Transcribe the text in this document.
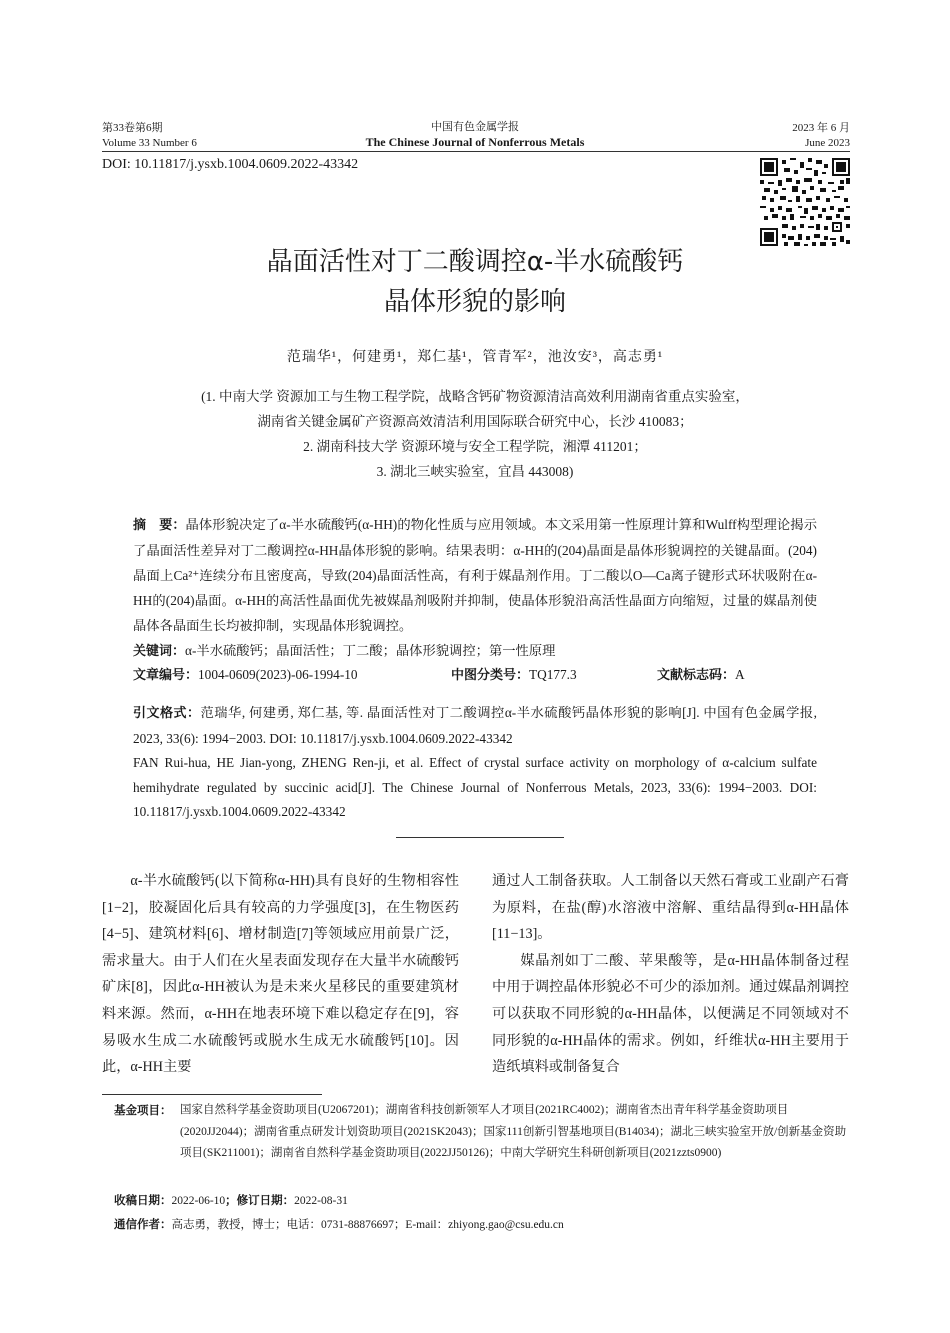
第33卷第6期
Volume 33 Number 6
中国有色金属学报
The Chinese Journal of Nonferrous Metals
2023 年 6 月
June 2023
DOI: 10.11817/j.ysxb.1004.0609.2022-43342
晶面活性对丁二酸调控α-半水硫酸钙
晶体形貌的影响
范瑞华¹，何建勇¹，郑仁基¹，管青军²，池汝安³，高志勇¹
(1. 中南大学 资源加工与生物工程学院，战略含钙矿物资源清洁高效利用湖南省重点实验室，
湖南省关键金属矿产资源高效清洁利用国际联合研究中心，长沙 410083；
2. 湖南科技大学 资源环境与安全工程学院，湘潭 411201；
3. 湖北三峡实验室，宜昌 443008)
摘　要：晶体形貌决定了α-半水硫酸钙(α-HH)的物化性质与应用领域。本文采用第一性原理计算和Wulff构型理论揭示了晶面活性差异对丁二酸调控α-HH晶体形貌的影响。结果表明：α-HH的(204)晶面是晶体形貌调控的关键晶面。(204)晶面上Ca²⁺连续分布且密度高，导致(204)晶面活性高，有利于媒晶剂作用。丁二酸以O—Ca离子键形式环状吸附在α-HH的(204)晶面。α-HH的高活性晶面优先被媒晶剂吸附并抑制，使晶体形貌沿高活性晶面方向缩短，过量的媒晶剂使晶体各晶面生长均被抑制，实现晶体形貌调控。
关键词：α-半水硫酸钙；晶面活性；丁二酸；晶体形貌调控；第一性原理
文章编号：1004-0609(2023)-06-1994-10	中图分类号：TQ177.3	文献标志码：A
引文格式：范瑞华, 何建勇, 郑仁基, 等. 晶面活性对丁二酸调控α-半水硫酸钙晶体形貌的影响[J]. 中国有色金属学报, 2023, 33(6): 1994−2003. DOI: 10.11817/j.ysxb.1004.0609.2022-43342
FAN Rui-hua, HE Jian-yong, ZHENG Ren-ji, et al. Effect of crystal surface activity on morphology of α-calcium sulfate hemihydrate regulated by succinic acid[J]. The Chinese Journal of Nonferrous Metals, 2023, 33(6): 1994−2003. DOI: 10.11817/j.ysxb.1004.0609.2022-43342

α-半水硫酸钙(以下简称α-HH)具有良好的生物相容性[1−2]，胶凝固化后具有较高的力学强度[3]，在生物医药[4−5]、建筑材料[6]、增材制造[7]等领域应用前景广泛，需求量大。由于人们在火星表面发现存在大量半水硫酸钙矿床[8]，因此α-HH被认为是未来火星移民的重要建筑材料来源。然而，α-HH在地表环境下难以稳定存在[9]，容易吸水生成二水硫酸钙或脱水生成无水硫酸钙[10]。因此，α-HH主要

通过人工制备获取。人工制备以天然石膏或工业副产石膏为原料，在盐(醇)水溶液中溶解、重结晶得到α-HH晶体[11−13]。

媒晶剂如丁二酸、苹果酸等，是α-HH晶体制备过程中用于调控晶体形貌必不可少的添加剂。通过媒晶剂调控可以获取不同形貌的α-HH晶体，以便满足不同领域对不同形貌的α-HH晶体的需求。例如，纤维状α-HH主要用于造纸填料或制备复合

基金项目： 国家自然科学基金资助项目(U2067201)；湖南省科技创新领军人才项目(2021RC4002)；湖南省杰出青年科学基金资助项目(2020JJ2044)；湖南省重点研发计划资助项目(2021SK2043)；国家111创新引智基地项目(B14034)；湖北三峡实验室开放/创新基金资助项目(SK211001)；湖南省自然科学基金资助项目(2022JJ50126)；中南大学研究生科研创新项目(2021zzts0900)
收稿日期：2022-06-10；修订日期：2022-08-31
通信作者：高志勇，教授，博士；电话：0731-88876697；E-mail：zhiyong.gao@csu.edu.cn
